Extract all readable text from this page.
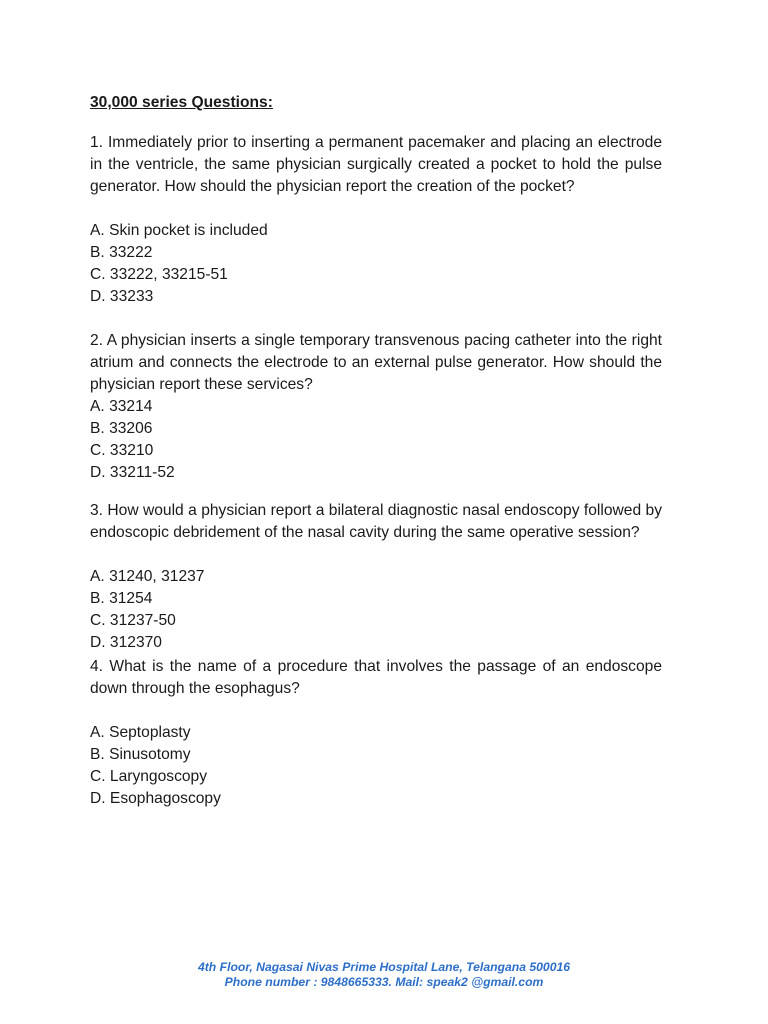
30,000 series Questions:

1. Immediately prior to inserting a permanent pacemaker and placing an electrode in the ventricle, the same physician surgically created a pocket to hold the pulse generator. How should the physician report the creation of the pocket?

A. Skin pocket is included
B. 33222
C. 33222, 33215-51
D. 33233

2. A physician inserts a single temporary transvenous pacing catheter into the right atrium and connects the electrode to an external pulse generator. How should the physician report these services?

A. 33214
B. 33206
C. 33210
D. 33211-52

3. How would a physician report a bilateral diagnostic nasal endoscopy followed by endoscopic debridement of the nasal cavity during the same operative session?

A. 31240, 31237
B. 31254
C. 31237-50
D. 312370

4. What is the name of a procedure that involves the passage of an endoscope down through the esophagus?

A. Septoplasty
B. Sinusotomy
C. Laryngoscopy
D. Esophagoscopy
4th Floor, Nagasai Nivas Prime Hospital Lane, Telangana 500016
Phone number : 9848665333. Mail: speak2 @gmail.com
